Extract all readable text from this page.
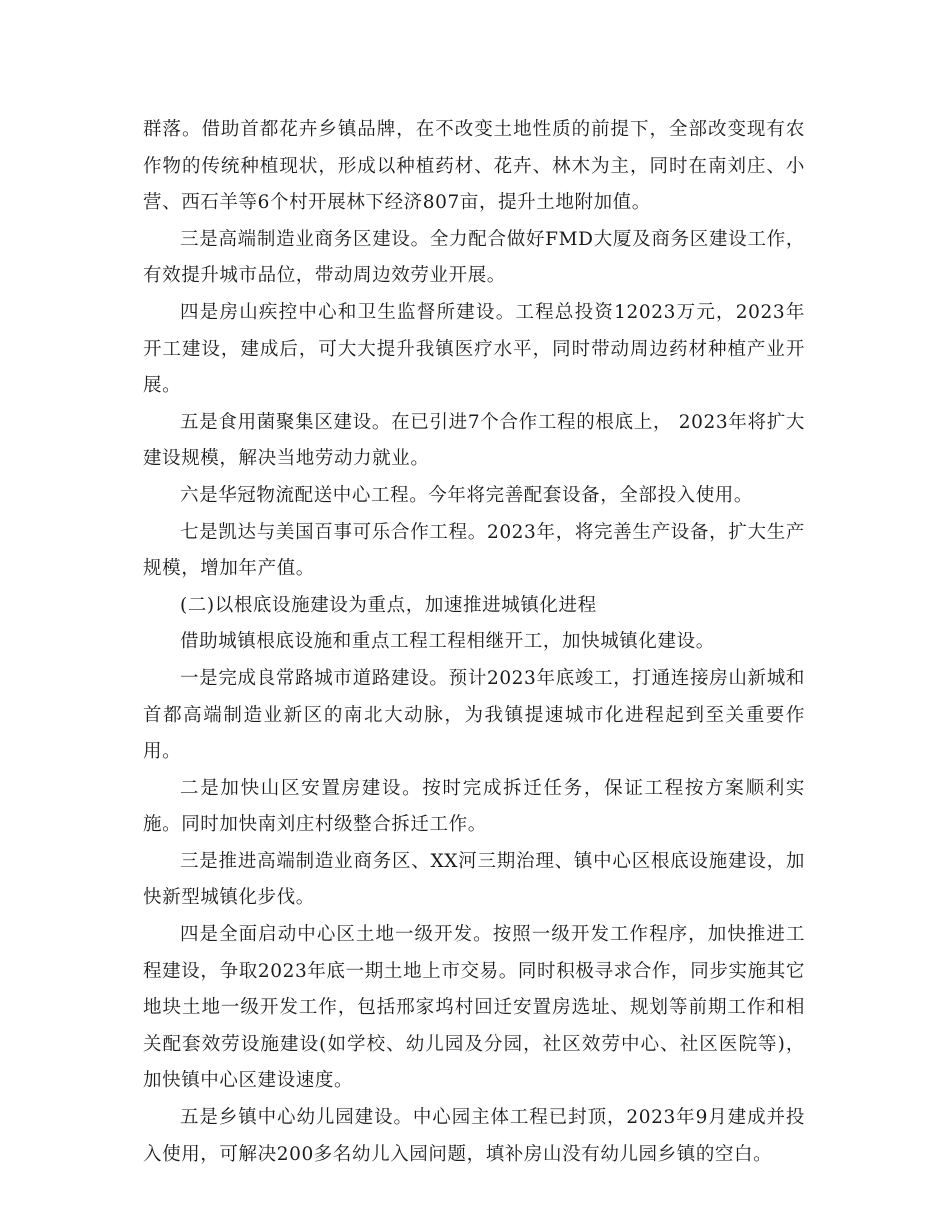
群落。借助首都花卉乡镇品牌，在不改变土地性质的前提下，全部改变现有农作物的传统种植现状，形成以种植药材、花卉、林木为主，同时在南刘庄、小营、西石羊等6个村开展林下经济807亩，提升土地附加值。

三是高端制造业商务区建设。全力配合做好FMD大厦及商务区建设工作，有效提升城市品位，带动周边效劳业开展。

四是房山疾控中心和卫生监督所建设。工程总投资12023万元，2023年开工建设，建成后，可大大提升我镇医疗水平，同时带动周边药材种植产业开展。

五是食用菌聚集区建设。在已引进7个合作工程的根底上， 2023年将扩大建设规模，解决当地劳动力就业。

六是华冠物流配送中心工程。今年将完善配套设备，全部投入使用。

七是凯达与美国百事可乐合作工程。2023年，将完善生产设备，扩大生产规模，增加年产值。

(二)以根底设施建设为重点，加速推进城镇化进程

借助城镇根底设施和重点工程工程相继开工，加快城镇化建设。

一是完成良常路城市道路建设。预计2023年底竣工，打通连接房山新城和首都高端制造业新区的南北大动脉，为我镇提速城市化进程起到至关重要作用。

二是加快山区安置房建设。按时完成拆迁任务，保证工程按方案顺利实施。同时加快南刘庄村级整合拆迁工作。

三是推进高端制造业商务区、XX河三期治理、镇中心区根底设施建设，加快新型城镇化步伐。

四是全面启动中心区土地一级开发。按照一级开发工作程序，加快推进工程建设，争取2023年底一期土地上市交易。同时积极寻求合作，同步实施其它地块土地一级开发工作，包括邢家坞村回迁安置房选址、规划等前期工作和相关配套效劳设施建设(如学校、幼儿园及分园，社区效劳中心、社区医院等)，加快镇中心区建设速度。

五是乡镇中心幼儿园建设。中心园主体工程已封顶，2023年9月建成并投入使用，可解决200多名幼儿入园问题，填补房山没有幼儿园乡镇的空白。
